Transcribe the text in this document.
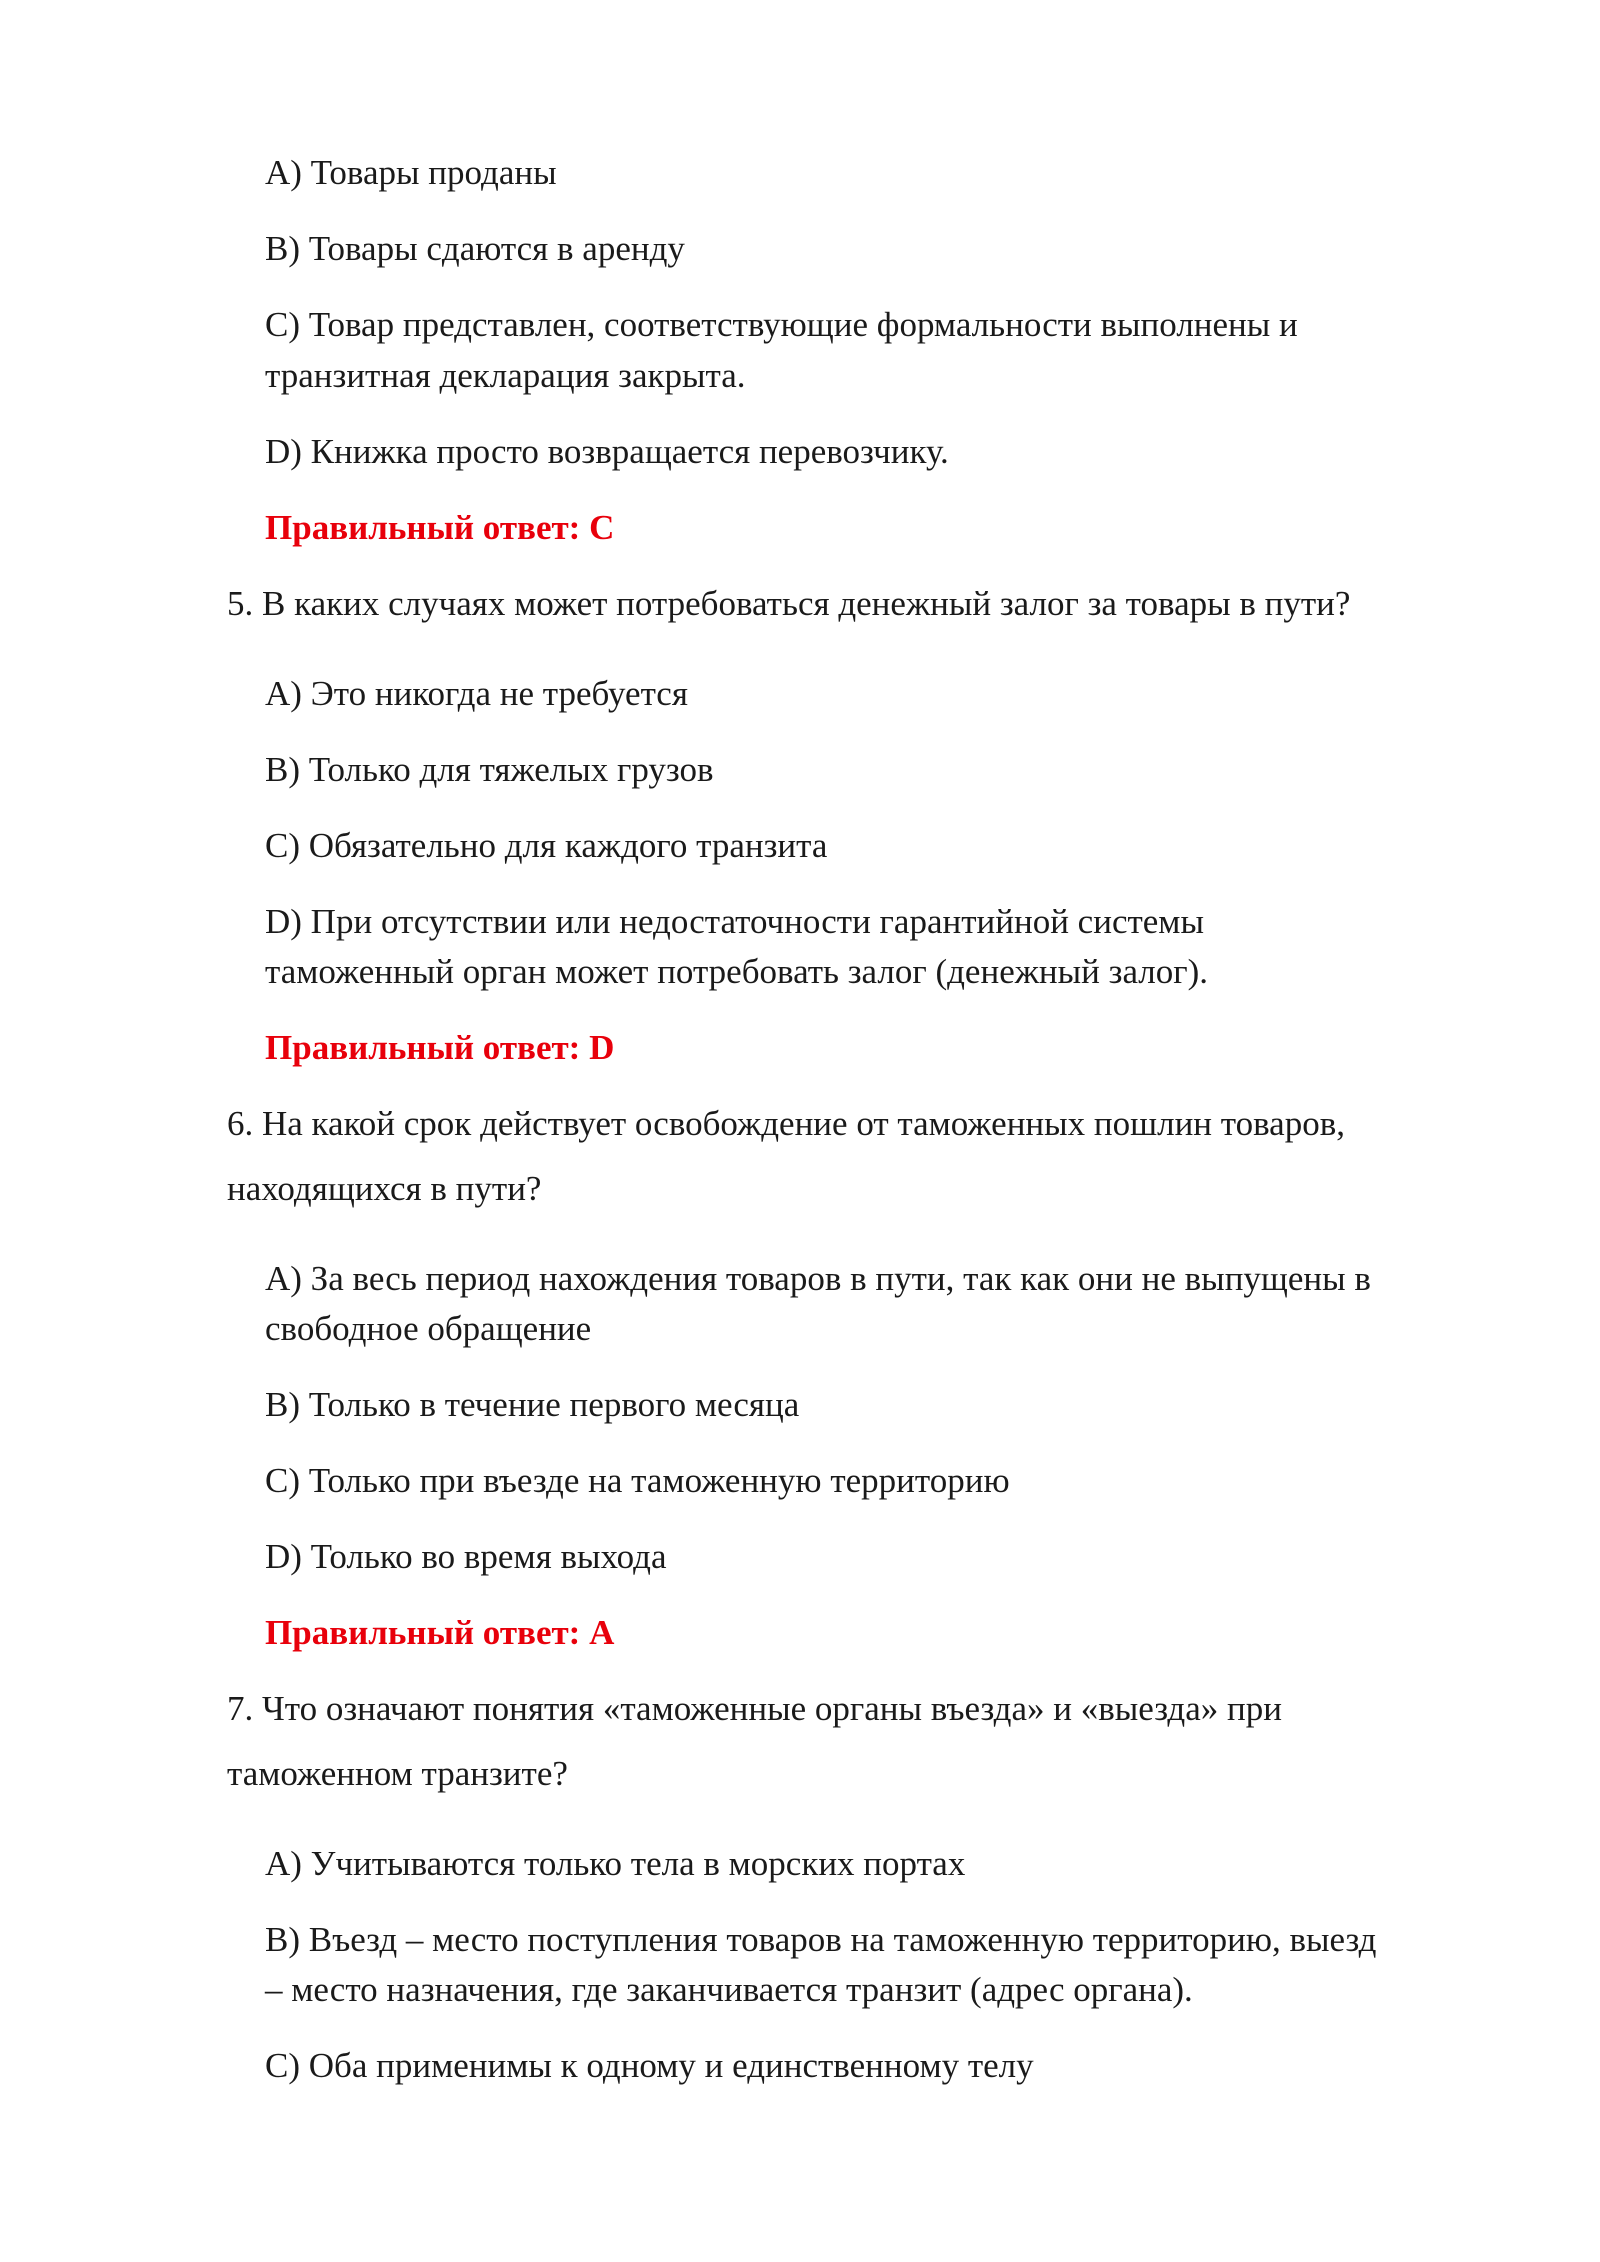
A) Товары проданы
B) Товары сдаются в аренду
C) Товар представлен, соответствующие формальности выполнены и
транзитная декларация закрыта.
D) Книжка просто возвращается перевозчику.
Правильный ответ: C
5. В каких случаях может потребоваться денежный залог за товары в пути?
A) Это никогда не требуется
B) Только для тяжелых грузов
C) Обязательно для каждого транзита
D) При отсутствии или недостаточности гарантийной системы
таможенный орган может потребовать залог (денежный залог).
Правильный ответ: D
6. На какой срок действует освобождение от таможенных пошлин товаров,
находящихся в пути?
A) За весь период нахождения товаров в пути, так как они не выпущены в
свободное обращение
B) Только в течение первого месяца
C) Только при въезде на таможенную территорию
D) Только во время выхода
Правильный ответ: A
7. Что означают понятия «таможенные органы въезда» и «выезда» при
таможенном транзите?
A) Учитываются только тела в морских портах
B) Въезд – место поступления товаров на таможенную территорию, выезд
– место назначения, где заканчивается транзит (адрес органа).
C) Оба применимы к одному и единственному телу
